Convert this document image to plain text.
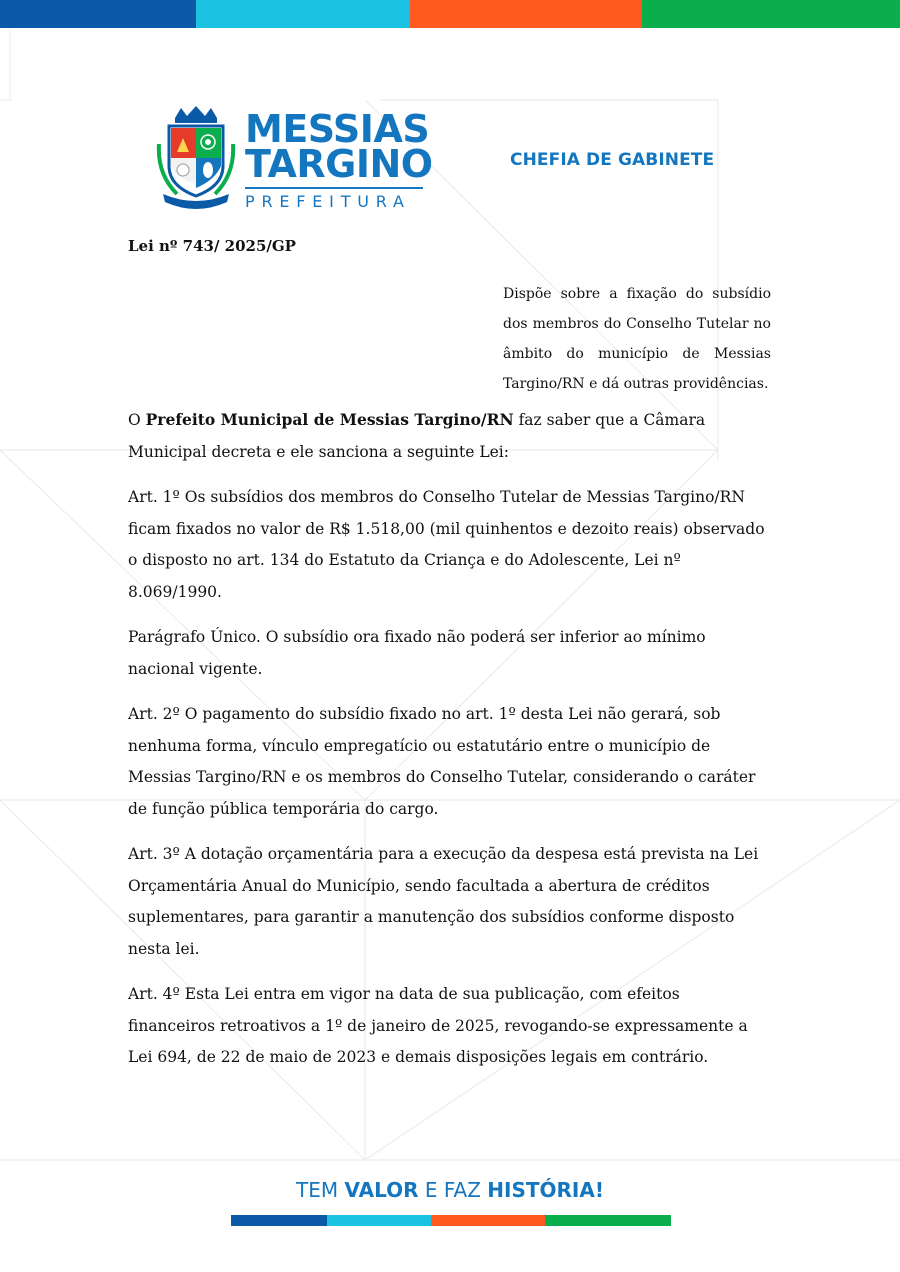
MESSIAS
TARGINO
PREFEITURA
CHEFIA DE GABINETE
Lei nº 743/ 2025/GP
Dispõe sobre a fixação do subsídio dos membros do Conselho Tutelar no âmbito do município de Messias Targino/RN e dá outras providências.

O Prefeito Municipal de Messias Targino/RN faz saber que a Câmara Municipal decreta e ele sanciona a seguinte Lei:

Art. 1º Os subsídios dos membros do Conselho Tutelar de Messias Targino/RN ficam fixados no valor de R$ 1.518,00 (mil quinhentos e dezoito reais) observado o disposto no art. 134 do Estatuto da Criança e do Adolescente, Lei nº 8.069/1990.

Parágrafo Único. O subsídio ora fixado não poderá ser inferior ao mínimo nacional vigente.

Art. 2º O pagamento do subsídio fixado no art. 1º desta Lei não gerará, sob nenhuma forma, vínculo empregatício ou estatutário entre o município de Messias Targino/RN e os membros do Conselho Tutelar, considerando o caráter de função pública temporária do cargo.

Art. 3º A dotação orçamentária para a execução da despesa está prevista na Lei Orçamentária Anual do Município, sendo facultada a abertura de créditos suplementares, para garantir a manutenção dos subsídios conforme disposto nesta lei.

Art. 4º Esta Lei entra em vigor na data de sua publicação, com efeitos financeiros retroativos a 1º de janeiro de 2025, revogando-se expressamente a Lei 694, de 22 de maio de 2023 e demais disposições legais em contrário.

TEM VALOR E FAZ HISTÓRIA!
